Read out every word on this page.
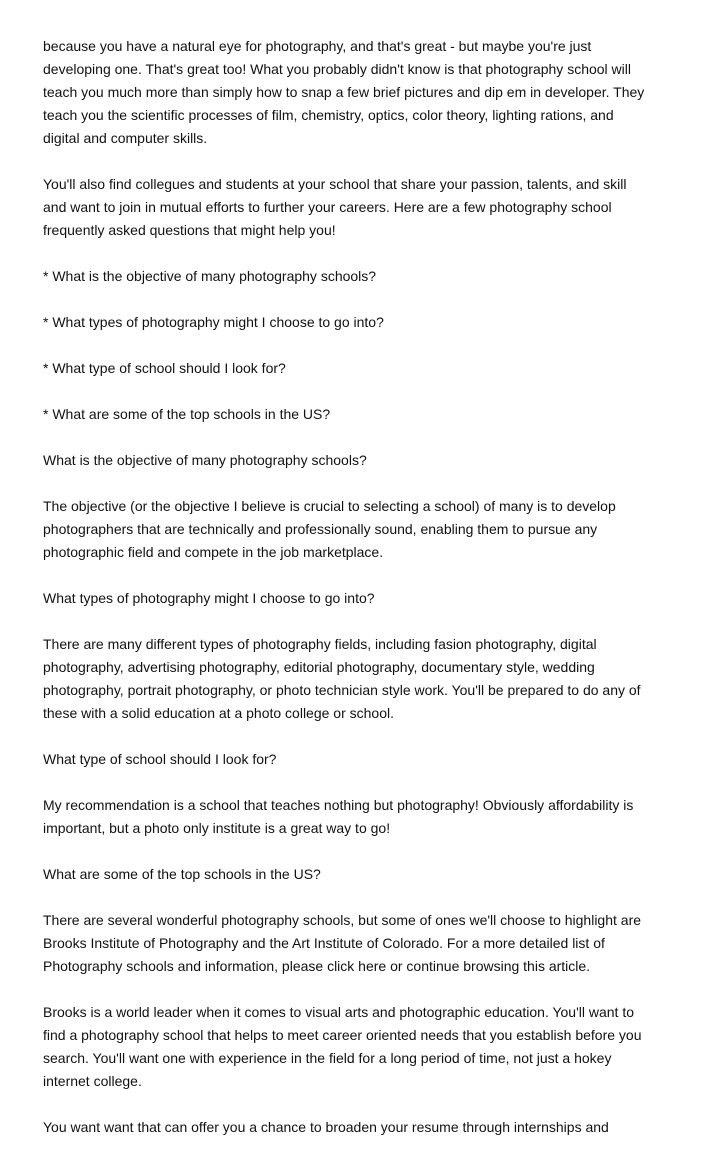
because you have a natural eye for photography, and that's great - but maybe you're just
developing one. That's great too! What you probably didn't know is that photography school will
teach you much more than simply how to snap a few brief pictures and dip em in developer. They
teach you the scientific processes of film, chemistry, optics, color theory, lighting rations, and
digital and computer skills.

You'll also find collegues and students at your school that share your passion, talents, and skill
and want to join in mutual efforts to further your careers. Here are a few photography school
frequently asked questions that might help you!

* What is the objective of many photography schools?

* What types of photography might I choose to go into?

* What type of school should I look for?

* What are some of the top schools in the US?

What is the objective of many photography schools?

The objective (or the objective I believe is crucial to selecting a school) of many is to develop
photographers that are technically and professionally sound, enabling them to pursue any
photographic field and compete in the job marketplace.

What types of photography might I choose to go into?

There are many different types of photography fields, including fasion photography, digital
photography, advertising photography, editorial photography, documentary style, wedding
photography, portrait photography, or photo technician style work. You'll be prepared to do any of
these with a solid education at a photo college or school.

What type of school should I look for?

My recommendation is a school that teaches nothing but photography! Obviously affordability is
important, but a photo only institute is a great way to go!

What are some of the top schools in the US?

There are several wonderful photography schools, but some of ones we'll choose to highlight are
Brooks Institute of Photography and the Art Institute of Colorado. For a more detailed list of
Photography schools and information, please click here or continue browsing this article.

Brooks is a world leader when it comes to visual arts and photographic education. You'll want to
find a photography school that helps to meet career oriented needs that you establish before you
search. You'll want one with experience in the field for a long period of time, not just a hokey
internet college.

You want want that can offer you a chance to broaden your resume through internships and
